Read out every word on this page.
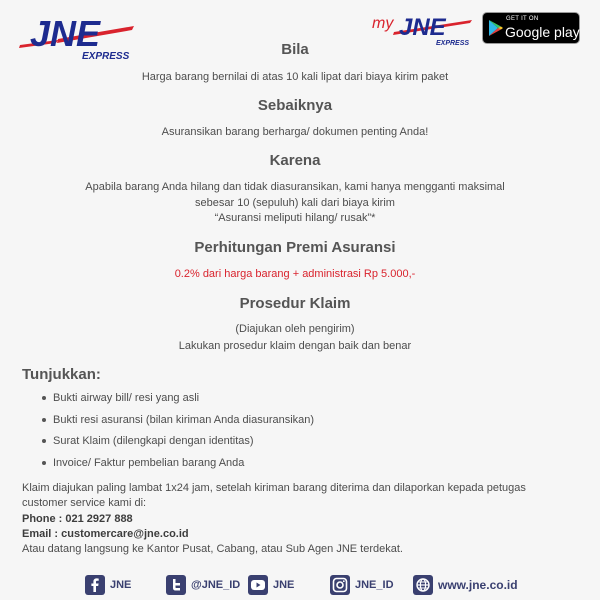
JNE
EXPRESS
my JNE
EXPRESS
GET IT ON
Google play
Bila
Harga barang bernilai di atas 10 kali lipat dari biaya kirim paket
Sebaiknya
Asuransikan barang berharga/ dokumen penting Anda!
Karena
Apabila barang Anda hilang dan tidak diasuransikan, kami hanya mengganti maksimal
sebesar 10 (sepuluh) kali dari biaya kirim
“Asuransi meliputi hilang/ rusak”*
Perhitungan Premi Asuransi
0.2% dari harga barang + administrasi Rp 5.000,-
Prosedur Klaim
(Diajukan oleh pengirim)
Lakukan prosedur klaim dengan baik dan benar
Tunjukkan:
Bukti airway bill/ resi yang asli
Bukti resi asuransi (bilan kiriman Anda diasuransikan)
Surat Klaim (dilengkapi dengan identitas)
Invoice/ Faktur pembelian barang Anda
Klaim diajukan paling lambat 1x24 jam, setelah kiriman barang diterima dan dilaporkan kepada petugas
customer service kami di:
Phone : 021 2927 888
Email : customercare@jne.co.id
Atau datang langsung ke Kantor Pusat, Cabang, atau Sub Agen JNE terdekat.
JNE	@JNE_ID	JNE	JNE_ID	www.jne.co.id
